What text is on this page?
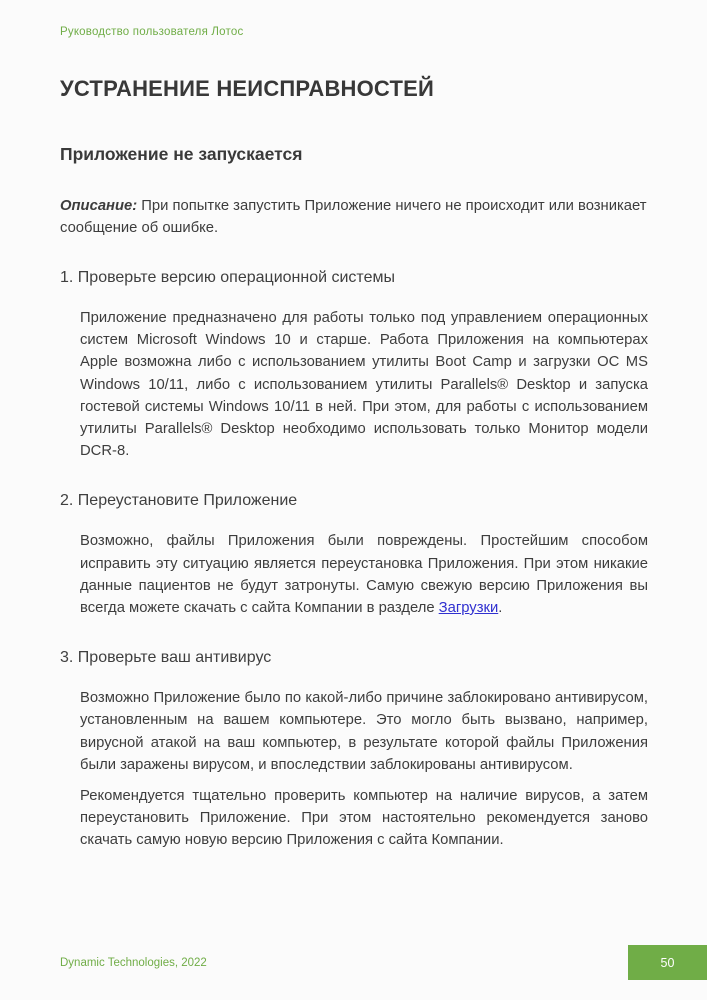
Руководство пользователя Лотос
УСТРАНЕНИЕ НЕИСПРАВНОСТЕЙ
Приложение не запускается

Описание: При попытке запустить Приложение ничего не происходит или возникает сообщение об ошибке.

1. Проверьте версию операционной системы

Приложение предназначено для работы только под управлением операционных систем Microsoft Windows 10 и старше. Работа Приложения на компьютерах Apple возможна либо с использованием утилиты Boot Camp и загрузки ОС MS Windows 10/11, либо с использованием утилиты Parallels® Desktop и запуска гостевой системы Windows 10/11 в ней. При этом, для работы с использованием утилиты Parallels® Desktop необходимо использовать только Монитор модели DCR-8.

2. Переустановите Приложение

Возможно, файлы Приложения были повреждены. Простейшим способом исправить эту ситуацию является переустановка Приложения. При этом никакие данные пациентов не будут затронуты. Самую свежую версию Приложения вы всегда можете скачать с сайта Компании в разделе Загрузки.

3. Проверьте ваш антивирус

Возможно Приложение было по какой-либо причине заблокировано антивирусом, установленным на вашем компьютере. Это могло быть вызвано, например, вирусной атакой на ваш компьютер, в результате которой файлы Приложения были заражены вирусом, и впоследствии заблокированы антивирусом.

Рекомендуется тщательно проверить компьютер на наличие вирусов, а затем переустановить Приложение. При этом настоятельно рекомендуется заново скачать самую новую версию Приложения с сайта Компании.

Dynamic Technologies, 2022	50
